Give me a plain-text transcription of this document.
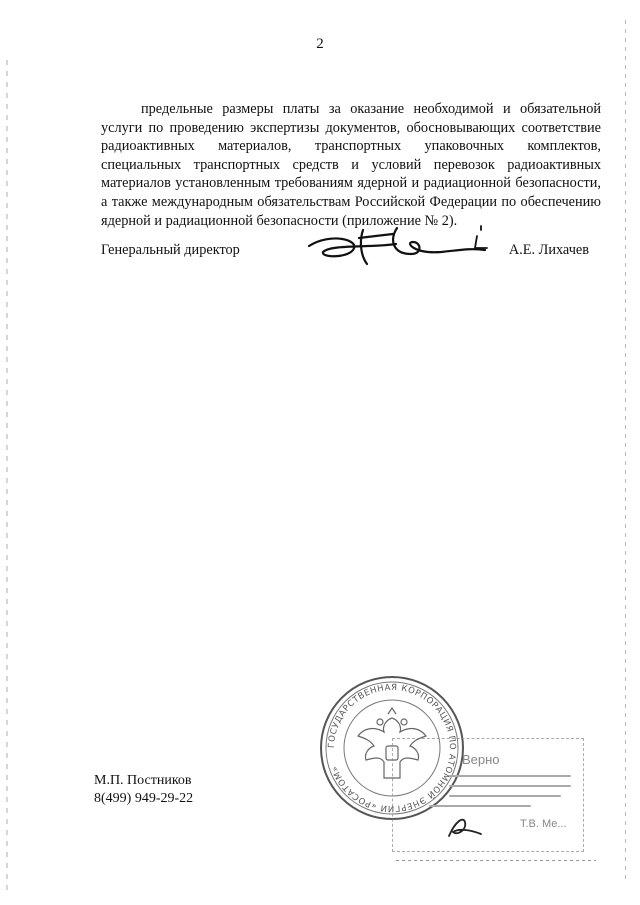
2
предельные размеры платы за оказание необходимой и обязательной
услуги по проведению экспертизы документов, обосновывающих соответствие
радиоактивных материалов, транспортных упаковочных комплектов,
специальных транспортных средств и условий перевозок радиоактивных
материалов установленным требованиям ядерной и радиационной безопасности,
а также международным обязательствам Российской Федерации по обеспечению
ядерной и радиационной безопасности (приложение № 2).
Генеральный директор	А.Е. Лихачев
М.П. Постников
8(499) 949-29-22
ГОСУДАРСТВЕННАЯ КОРПОРАЦИЯ ПО АТОМНОЙ ЭНЕРГИИ «РОСАТОМ»
Верно
Т.В. Ме...
